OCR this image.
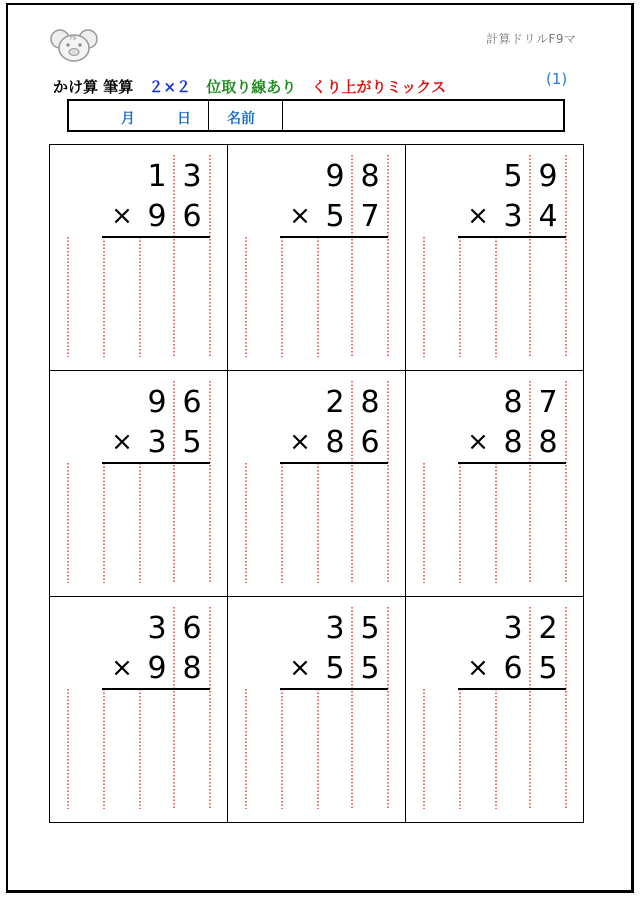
F9	計算ドリルF9マ
かけ算 筆算 ２×２ 位取り線あり くり上がりミックス	(1)
月	日	名前
1 3
9 6
×
9 8
5 7
×
5 9
3 4
×
9 6
3 5
×
2 8
8 6
×
8 7
8 8
×
3 6
9 8
×
3 5
5 5
×
3 2
6 5
×
